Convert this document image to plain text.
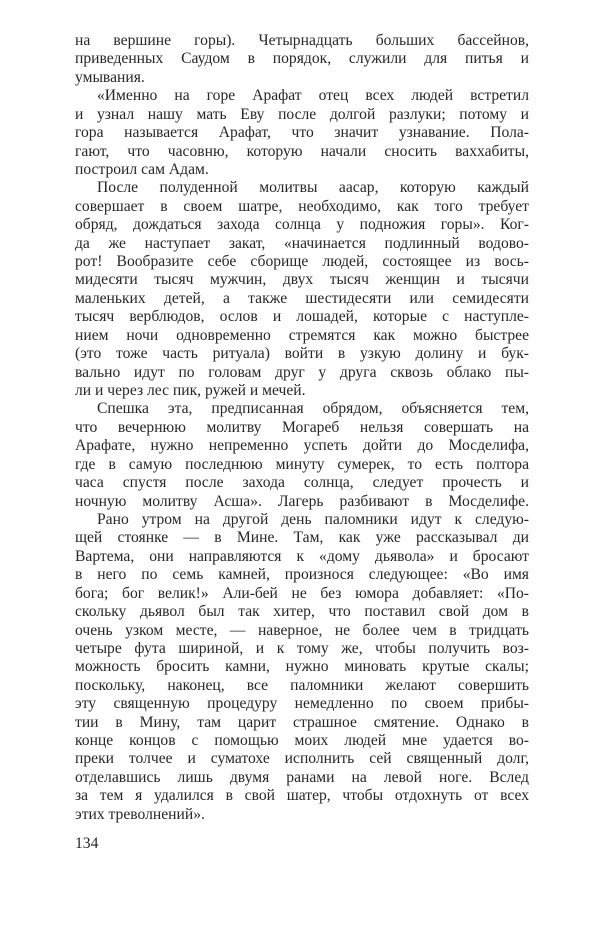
на вершине горы). Четырнадцать больших бассейнов,
приведенных Саудом в порядок, служили для питья и
умывания.
«Именно на горе Арафат отец всех людей встретил
и узнал нашу мать Еву после долгой разлуки; потому и
гора называется Арафат, что значит узнавание. Пола-
гают, что часовню, которую начали сносить ваххабиты,
построил сам Адам.
После полуденной молитвы аасар, которую каждый
совершает в своем шатре, необходимо, как того требует
обряд, дождаться захода солнца у подножия горы». Ког-
да же наступает закат, «начинается подлинный водово-
рот! Вообразите себе сборище людей, состоящее из вось-
мидесяти тысяч мужчин, двух тысяч женщин и тысячи
маленьких детей, а также шестидесяти или семидесяти
тысяч верблюдов, ослов и лошадей, которые с наступле-
нием ночи одновременно стремятся как можно быстрее
(это тоже часть ритуала) войти в узкую долину и бук-
вально идут по головам друг у друга сквозь облако пы-
ли и через лес пик, ружей и мечей.
Спешка эта, предписанная обрядом, объясняется тем,
что вечернюю молитву Могареб нельзя совершать на
Арафате, нужно непременно успеть дойти до Мосделифа,
где в самую последнюю минуту сумерек, то есть полтора
часа спустя после захода солнца, следует прочесть и
ночную молитву Асша». Лагерь разбивают в Мосделифе.
Рано утром на другой день паломники идут к следую-
щей стоянке — в Мине. Там, как уже рассказывал ди
Вартема, они направляются к «дому дьявола» и бросают
в него по семь камней, произнося следующее: «Во имя
бога; бог велик!» Али-бей не без юмора добавляет: «По-
скольку дьявол был так хитер, что поставил свой дом в
очень узком месте, — наверное, не более чем в тридцать
четыре фута шириной, и к тому же, чтобы получить воз-
можность бросить камни, нужно миновать крутые скалы;
поскольку, наконец, все паломники желают совершить
эту священную процедуру немедленно по своем прибы-
тии в Мину, там царит страшное смятение. Однако в
конце концов с помощью моих людей мне удается во-
преки толчее и суматохе исполнить сей священный долг,
отделавшись лишь двумя ранами на левой ноге. Вслед
за тем я удалился в свой шатер, чтобы отдохнуть от всех
этих треволнений».
134
